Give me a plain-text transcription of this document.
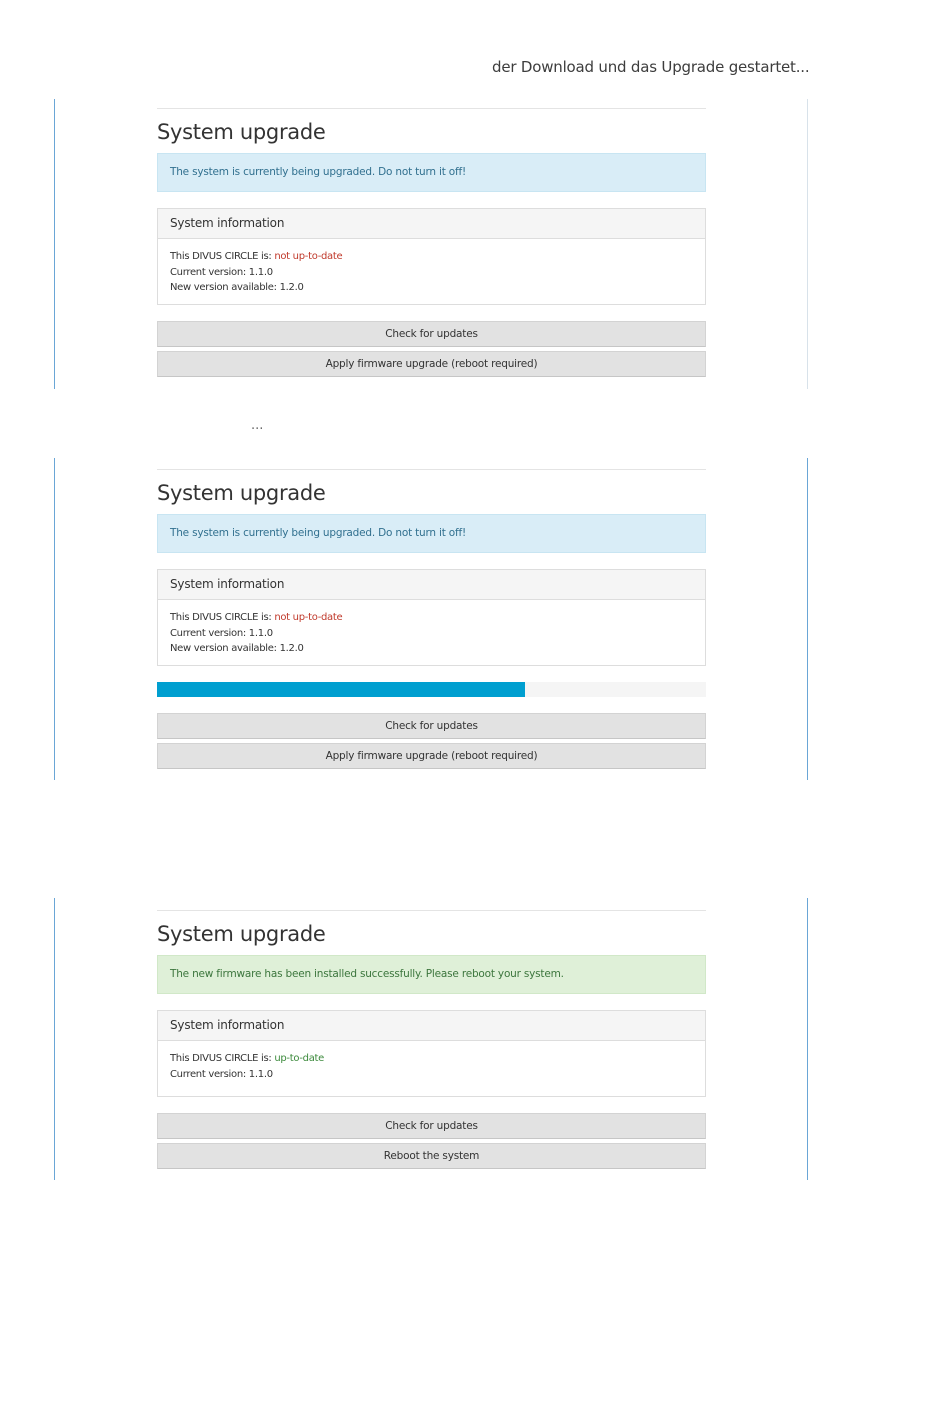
der Download und das Upgrade gestartet...
System upgrade
The system is currently being upgraded. Do not turn it off!
System information
This DIVUS CIRCLE is: not up-to-date
Current version: 1.1.0
New version available: 1.2.0
Check for updates
Apply firmware upgrade (reboot required)
...
System upgrade
The system is currently being upgraded. Do not turn it off!
System information
This DIVUS CIRCLE is: not up-to-date
Current version: 1.1.0
New version available: 1.2.0
Check for updates
Apply firmware upgrade (reboot required)
System upgrade
The new firmware has been installed successfully. Please reboot your system.
System information
This DIVUS CIRCLE is: up-to-date
Current version: 1.1.0
Check for updates
Reboot the system
